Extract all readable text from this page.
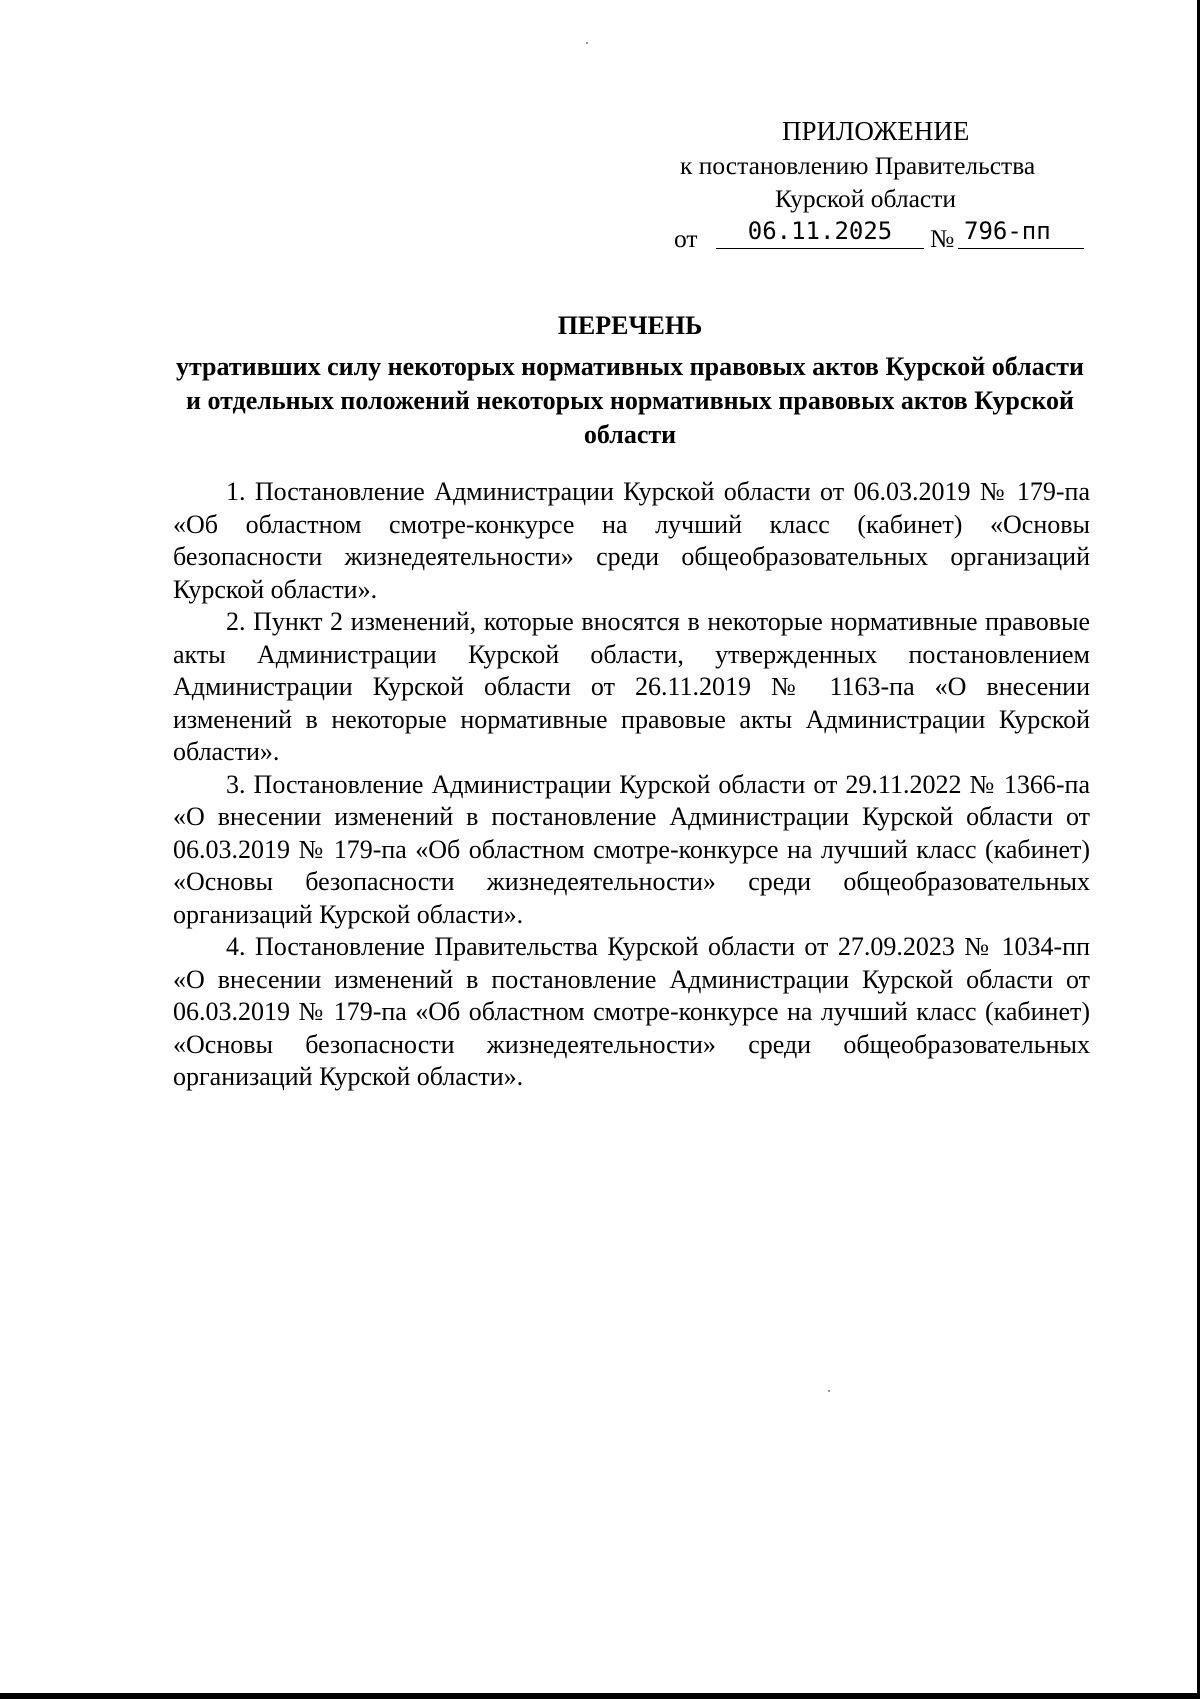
ПРИЛОЖЕНИЕ
к постановлению Правительства
Курской области
от	06.11.2025	№ 796-пп
ПЕРЕЧЕНЬ
утративших силу некоторых нормативных правовых актов Курской области и отдельных положений некоторых нормативных правовых актов Курской области

1. Постановление Администрации Курской области от 06.03.2019 № 179-па «Об областном смотре-конкурсе на лучший класс (кабинет) «Основы безопасности жизнедеятельности» среди общеобразовательных организаций Курской области».

2. Пункт 2 изменений, которые вносятся в некоторые нормативные правовые акты Администрации Курской области, утвержденных постановлением Администрации Курской области от 26.11.2019 № 1163-па «О внесении изменений в некоторые нормативные правовые акты Администрации Курской области».

3. Постановление Администрации Курской области от 29.11.2022 № 1366-па «О внесении изменений в постановление Администрации Курской области от 06.03.2019 № 179-па «Об областном смотре-конкурсе на лучший класс (кабинет) «Основы безопасности жизнедеятельности» среди общеобразовательных организаций Курской области».

4. Постановление Правительства Курской области от 27.09.2023 № 1034-пп «О внесении изменений в постановление Администрации Курской области от 06.03.2019 № 179-па «Об областном смотре-конкурсе на лучший класс (кабинет) «Основы безопасности жизнедеятельности» среди общеобразовательных организаций Курской области».
